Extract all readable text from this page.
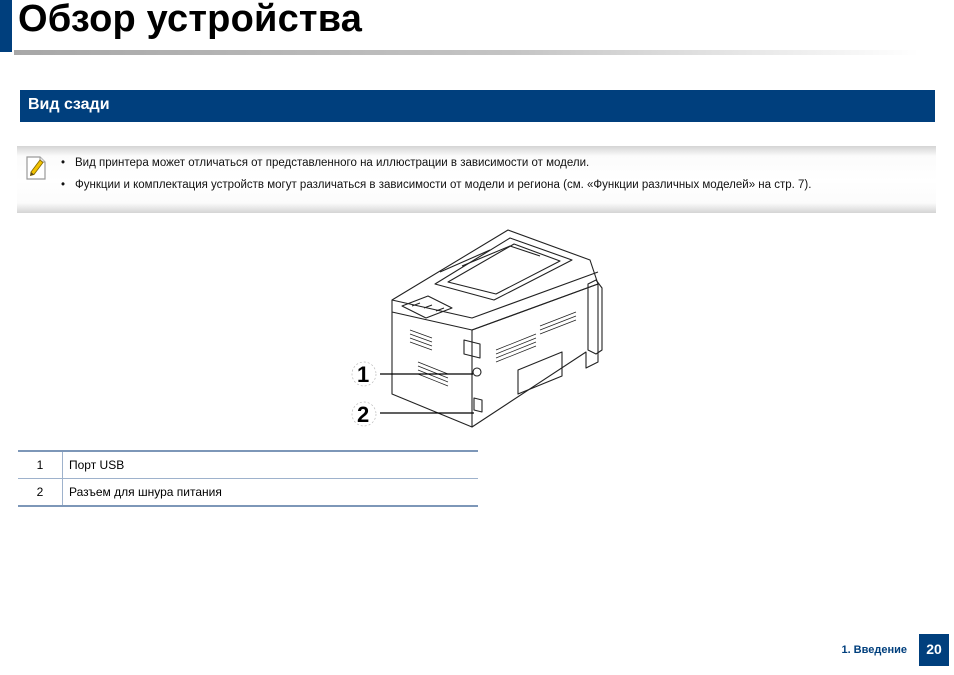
Обзор устройства
Вид сзади
• Вид принтера может отличаться от представленного на иллюстрации в зависимости от модели.
• Функции и комплектация устройств могут различаться в зависимости от модели и региона (см. «Функции различных моделей» на стр. 7).
1
2
1	Порт USB
2	Разъем для шнура питания
1. Введение	20
